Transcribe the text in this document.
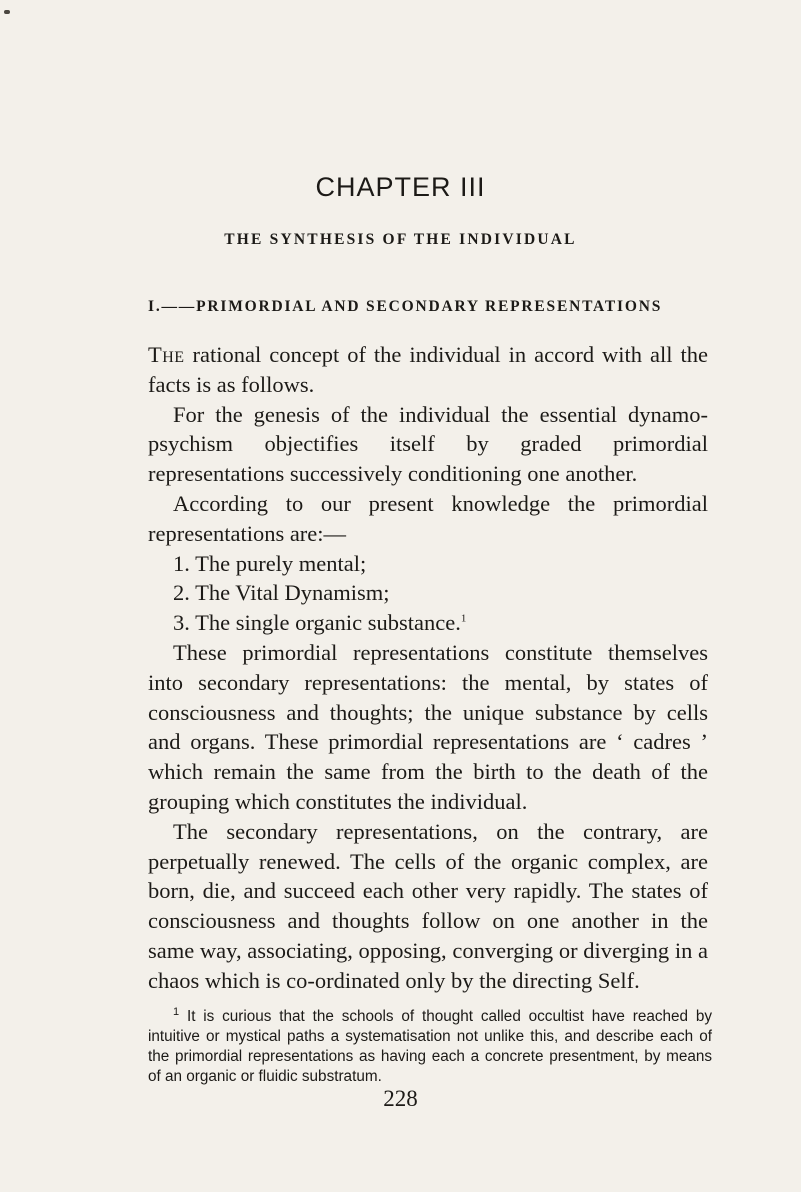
CHAPTER III
THE SYNTHESIS OF THE INDIVIDUAL
I.——PRIMORDIAL AND SECONDARY REPRESENTATIONS

The rational concept of the individual in accord with all the facts is as follows.

For the genesis of the individual the essential dynamo-psychism objectifies itself by graded primordial representations successively conditioning one another.

According to our present knowledge the primordial representations are:—

1. The purely mental;

2. The Vital Dynamism;

3. The single organic substance.$^1$

These primordial representations constitute themselves into secondary representations: the mental, by states of consciousness and thoughts; the unique substance by cells and organs. These primordial representations are ‘ cadres ’ which remain the same from the birth to the death of the grouping which constitutes the individual.

The secondary representations, on the contrary, are perpetually renewed. The cells of the organic complex, are born, die, and succeed each other very rapidly. The states of consciousness and thoughts follow on one another in the same way, associating, opposing, converging or diverging in a chaos which is co-ordinated only by the directing Self.

$^1$ It is curious that the schools of thought called occultist have reached by intuitive or mystical paths a systematisation not unlike this, and describe each of the primordial representations as having each a concrete presentment, by means of an organic or fluidic substratum.
228
